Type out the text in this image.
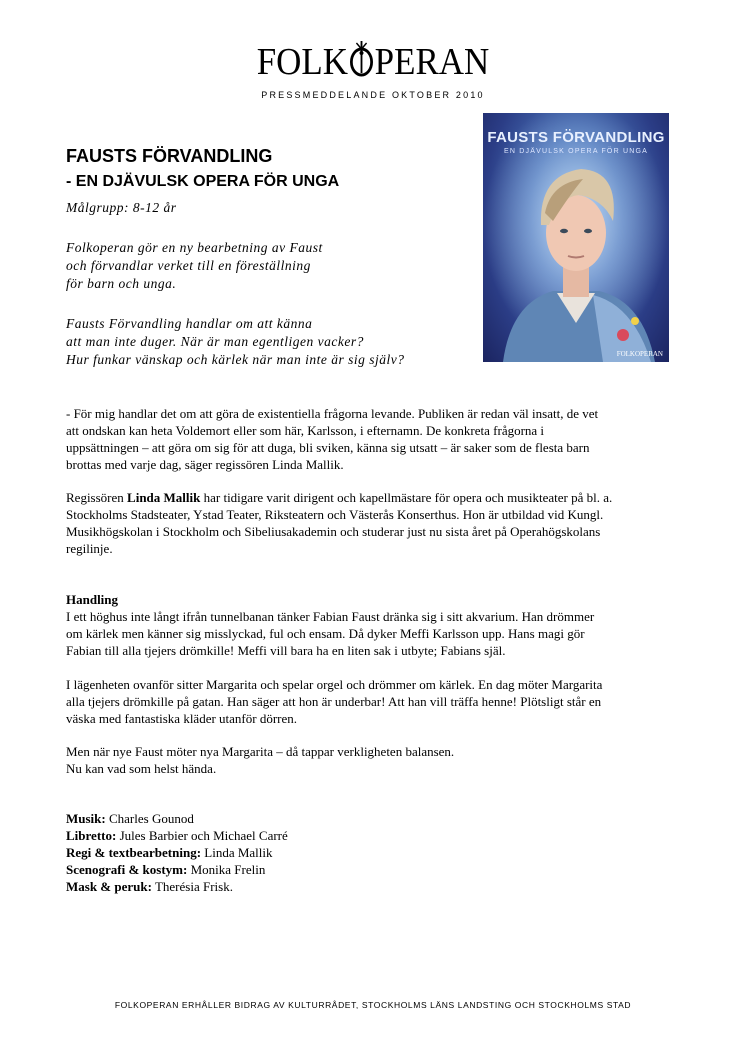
FOLK PERAN
PRESSMEDDELANDE OKTOBER 2010
FAUSTS FÖRVANDLING
- EN DJÄVULSK OPERA FÖR UNGA
Målgrupp: 8-12 år
Folkoperan gör en ny bearbetning av Faust
och förvandlar verket till en föreställning
för barn och unga.
Fausts Förvandling handlar om att känna
att man inte duger. När är man egentligen vacker?
Hur funkar vänskap och kärlek när man inte är sig själv?
FAUSTS FÖRVANDLING
EN DJÄVULSK OPERA FÖR UNGA
FOLKOPERAN
- För mig handlar det om att göra de existentiella frågorna levande. Publiken är redan väl insatt, de vet
att ondskan kan heta Voldemort eller som här, Karlsson, i efternamn. De konkreta frågorna i
uppsättningen – att göra om sig för att duga, bli sviken, känna sig utsatt – är saker som de flesta barn
brottas med varje dag, säger regissören Linda Mallik.
Regissören Linda Mallik har tidigare varit dirigent och kapellmästare för opera och musikteater på bl. a.
Stockholms Stadsteater, Ystad Teater, Riksteatern och Västerås Konserthus. Hon är utbildad vid Kungl.
Musikhögskolan i Stockholm och Sibeliusakademin och studerar just nu sista året på Operahögskolans
regilinje.
Handling
I ett höghus inte långt ifrån tunnelbanan tänker Fabian Faust dränka sig i sitt akvarium. Han drömmer
om kärlek men känner sig misslyckad, ful och ensam. Då dyker Meffi Karlsson upp. Hans magi gör
Fabian till alla tjejers drömkille! Meffi vill bara ha en liten sak i utbyte; Fabians själ.
I lägenheten ovanför sitter Margarita och spelar orgel och drömmer om kärlek. En dag möter Margarita
alla tjejers drömkille på gatan. Han säger att hon är underbar! Att han vill träffa henne! Plötsligt står en
väska med fantastiska kläder utanför dörren.
Men när nye Faust möter nya Margarita – då tappar verkligheten balansen.
Nu kan vad som helst hända.
Musik: Charles Gounod
Libretto: Jules Barbier och Michael Carré
Regi & textbearbetning: Linda Mallik
Scenografi & kostym: Monika Frelin
Mask & peruk: Therésia Frisk.
FOLKOPERAN ERHÅLLER BIDRAG AV KULTURRÅDET, STOCKHOLMS LÄNS LANDSTING OCH STOCKHOLMS STAD
